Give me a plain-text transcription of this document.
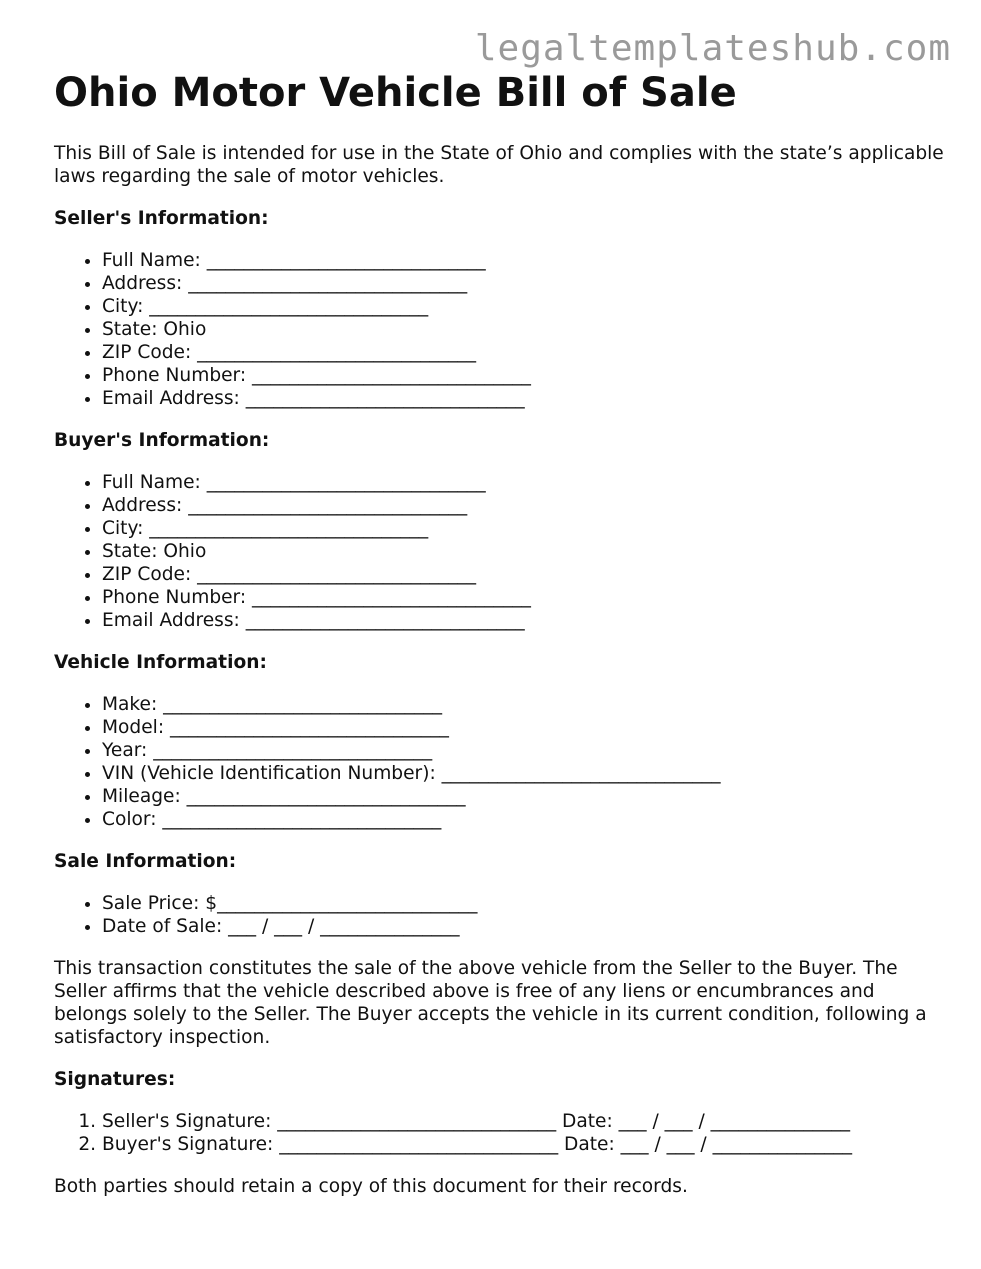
legaltemplateshub.com
Ohio Motor Vehicle Bill of Sale

This Bill of Sale is intended for use in the State of Ohio and complies with the state’s applicable laws regarding the sale of motor vehicles.

Seller's Information:
• Full Name: ______________________________
• Address: ______________________________
• City: ______________________________
• State: Ohio
• ZIP Code: ______________________________
• Phone Number: ______________________________
• Email Address: ______________________________
Buyer's Information:
• Full Name: ______________________________
• Address: ______________________________
• City: ______________________________
• State: Ohio
• ZIP Code: ______________________________
• Phone Number: ______________________________
• Email Address: ______________________________
Vehicle Information:
• Make: ______________________________
• Model: ______________________________
• Year: ______________________________
• VIN (Vehicle Identification Number): ______________________________
• Mileage: ______________________________
• Color: ______________________________
Sale Information:
• Sale Price: $____________________________
• Date of Sale: ___ / ___ / _______________

This transaction constitutes the sale of the above vehicle from the Seller to the Buyer. The Seller affirms that the vehicle described above is free of any liens or encumbrances and belongs solely to the Seller. The Buyer accepts the vehicle in its current condition, following a satisfactory inspection.

Signatures:
1. Seller's Signature: ______________________________ Date: ___ / ___ / _______________
2. Buyer's Signature: ______________________________ Date: ___ / ___ / _______________

Both parties should retain a copy of this document for their records.
